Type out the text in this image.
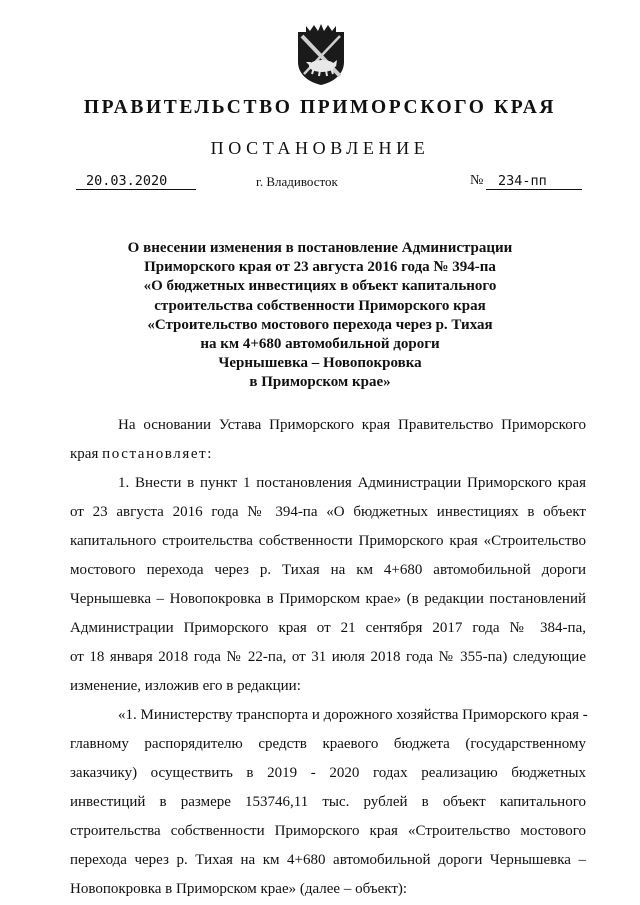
ПРАВИТЕЛЬСТВО ПРИМОРСКОГО КРАЯ
ПОСТАНОВЛЕНИЕ
20.03.2020	г. Владивосток	№	234-пп
О внесении изменения в постановление Администрации
Приморского края от 23 августа 2016 года № 394-па
«О бюджетных инвестициях в объект капитального
строительства собственности Приморского края
«Строительство мостового перехода через р. Тихая
на км 4+680 автомобильной дороги
Чернышевка – Новопокровка
в Приморском крае»
На основании Устава Приморского края Правительство Приморского
края постановляет:
1. Внести в пункт 1 постановления Администрации Приморского края
от 23 августа 2016 года № 394-па «О бюджетных инвестициях в объект
капитального строительства собственности Приморского края «Строительство
мостового перехода через р. Тихая на км 4+680 автомобильной дороги
Чернышевка – Новопокровка в Приморском крае» (в редакции постановлений
Администрации Приморского края от 21 сентября 2017 года № 384-па,
от 18 января 2018 года № 22-па, от 31 июля 2018 года № 355-па) следующие
изменение, изложив его в редакции:
«1. Министерству транспорта и дорожного хозяйства Приморского края -
главному распорядителю средств краевого бюджета (государственному
заказчику) осуществить в 2019 - 2020 годах реализацию бюджетных
инвестиций в размере 153746,11 тыс. рублей в объект капитального
строительства собственности Приморского края «Строительство мостового
перехода через р. Тихая на км 4+680 автомобильной дороги Чернышевка –
Новопокровка в Приморском крае» (далее – объект):
